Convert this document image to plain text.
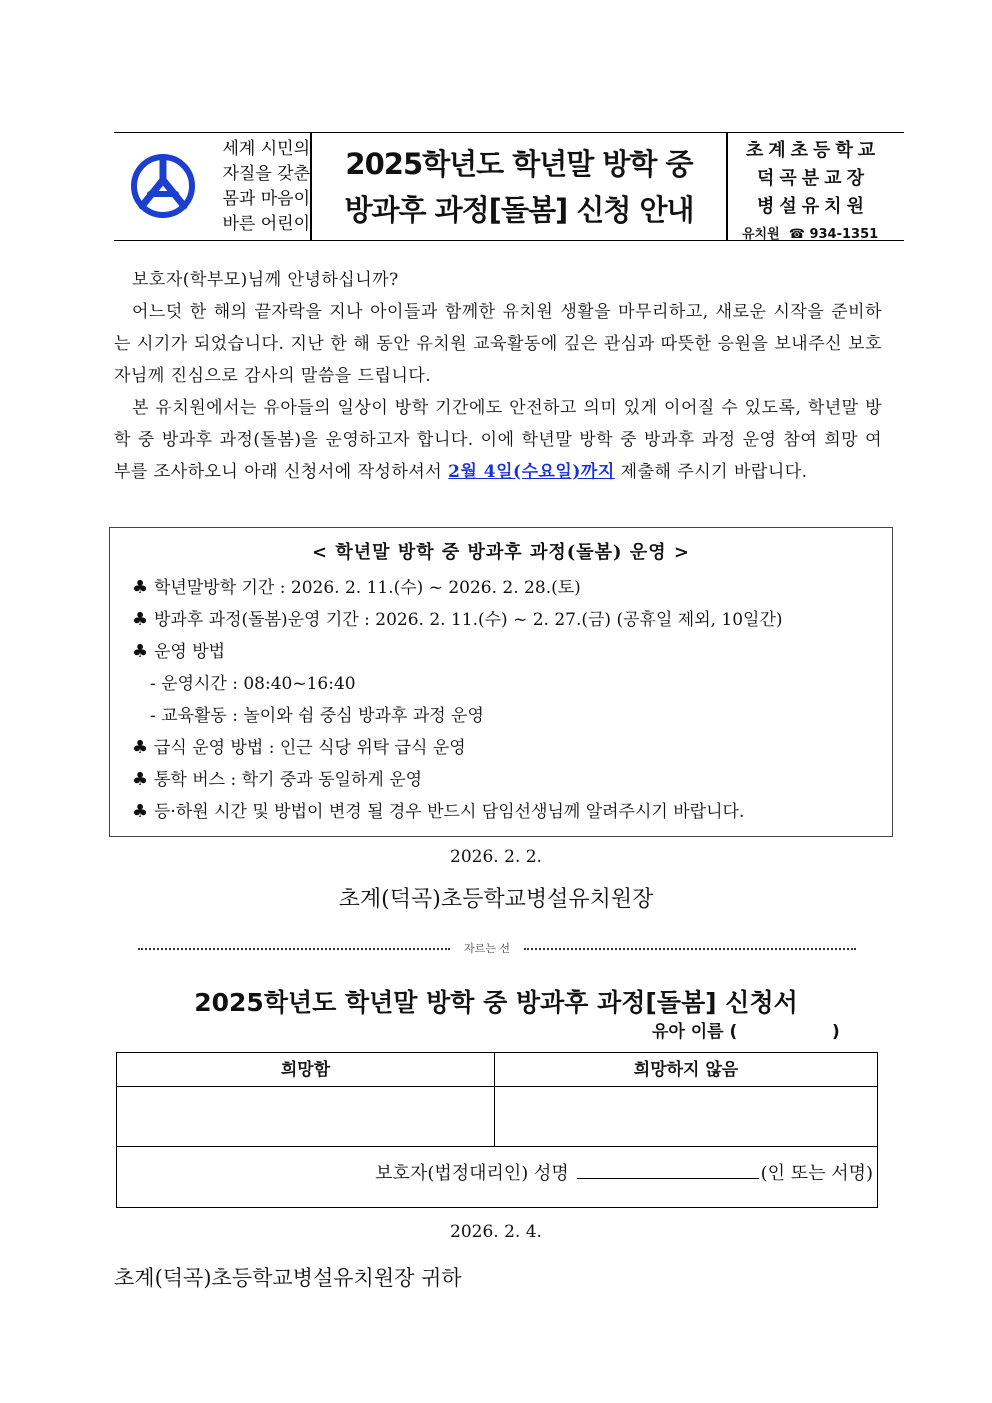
세계 시민의
자질을 갖춘
몸과 마음이
바른 어린이
2025학년도 학년말 방학 중
방과후 과정[돌봄] 신청 안내
초계초등학교
덕곡분교장
병설유치원
유치원  ☎ 934-1351

보호자(학부모)님께 안녕하십니까?

어느덧 한 해의 끝자락을 지나 아이들과 함께한 유치원 생활을 마무리하고, 새로운 시작을 준비하는 시기가 되었습니다. 지난 한 해 동안 유치원 교육활동에 깊은 관심과 따뜻한 응원을 보내주신 보호자님께 진심으로 감사의 말씀을 드립니다.

본 유치원에서는 유아들의 일상이 방학 기간에도 안전하고 의미 있게 이어질 수 있도록, 학년말 방학 중 방과후 과정(돌봄)을 운영하고자 합니다. 이에 학년말 방학 중 방과후 과정 운영 참여 희망 여부를 조사하오니 아래 신청서에 작성하셔서 2월 4일(수요일)까지 제출해 주시기 바랍니다.

< 학년말 방학 중 방과후 과정(돌봄) 운영 >
♣ 학년말방학 기간 : 2026. 2. 11.(수) ~ 2026. 2. 28.(토)
♣ 방과후 과정(돌봄)운영 기간 : 2026. 2. 11.(수) ~ 2. 27.(금) (공휴일 제외, 10일간)
♣ 운영 방법
- 운영시간 : 08:40~16:40
- 교육활동 : 놀이와 쉼 중심 방과후 과정 운영
♣ 급식 운영 방법 : 인근 식당 위탁 급식 운영
♣ 통학 버스 : 학기 중과 동일하게 운영
♣ 등·하원 시간 및 방법이 변경 될 경우 반드시 담임선생님께 알려주시기 바랍니다.
2026. 2. 2.
초계(덕곡)초등학교병설유치원장
자르는 선
2025학년도 학년말 방학 중 방과후 과정[돌봄] 신청서
유아 이름 (                )
희망함	희망하지 않음
보호자(법정대리인) 성명	(인 또는 서명)
2026. 2. 4.
초계(덕곡)초등학교병설유치원장 귀하
